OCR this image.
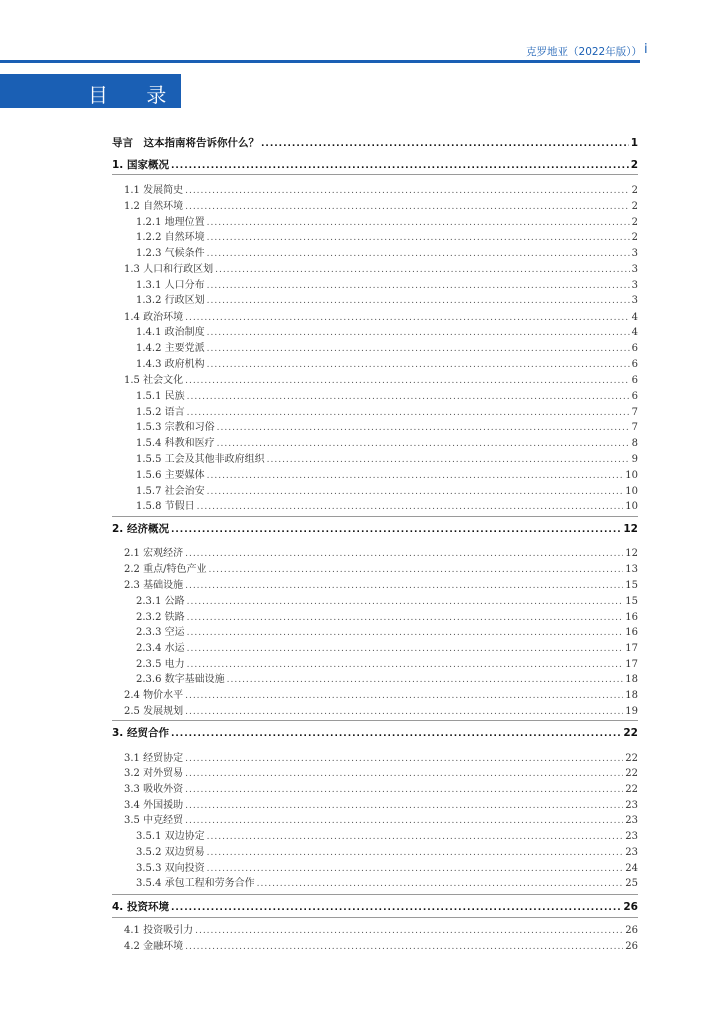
克罗地亚（2022年版）） i
目 录
导言　这本指南将告诉你什么？ .....	1
1. 国家概况 .....	2
1.1 发展简史 .....	2
1.2 自然环境 .....	2
1.2.1 地理位置 .....	2
1.2.2 自然环境 .....	2
1.2.3 气候条件 .....	3
1.3 人口和行政区划 .....	3
1.3.1 人口分布 .....	3
1.3.2 行政区划 .....	3
1.4 政治环境 .....	4
1.4.1 政治制度 .....	4
1.4.2 主要党派 .....	6
1.4.3 政府机构 .....	6
1.5 社会文化 .....	6
1.5.1 民族 .....	6
1.5.2 语言 .....	7
1.5.3 宗教和习俗 .....	7
1.5.4 科教和医疗 .....	8
1.5.5 工会及其他非政府组织 .....	9
1.5.6 主要媒体 .....	10
1.5.7 社会治安 .....	10
1.5.8 节假日 .....	10
2. 经济概况 .....	12
2.1 宏观经济 .....	12
2.2 重点/特色产业 .....	13
2.3 基础设施 .....	15
2.3.1 公路 .....	15
2.3.2 铁路 .....	16
2.3.3 空运 .....	16
2.3.4 水运 .....	17
2.3.5 电力 .....	17
2.3.6 数字基础设施 .....	18
2.4 物价水平 .....	18
2.5 发展规划 .....	19
3. 经贸合作 .....	22
3.1 经贸协定 .....	22
3.2 对外贸易 .....	22
3.3 吸收外资 .....	22
3.4 外国援助 .....	23
3.5 中克经贸 .....	23
3.5.1 双边协定 .....	23
3.5.2 双边贸易 .....	23
3.5.3 双向投资 .....	24
3.5.4 承包工程和劳务合作 .....	25
4. 投资环境 .....	26
4.1 投资吸引力 .....	26
4.2 金融环境 .....	26
